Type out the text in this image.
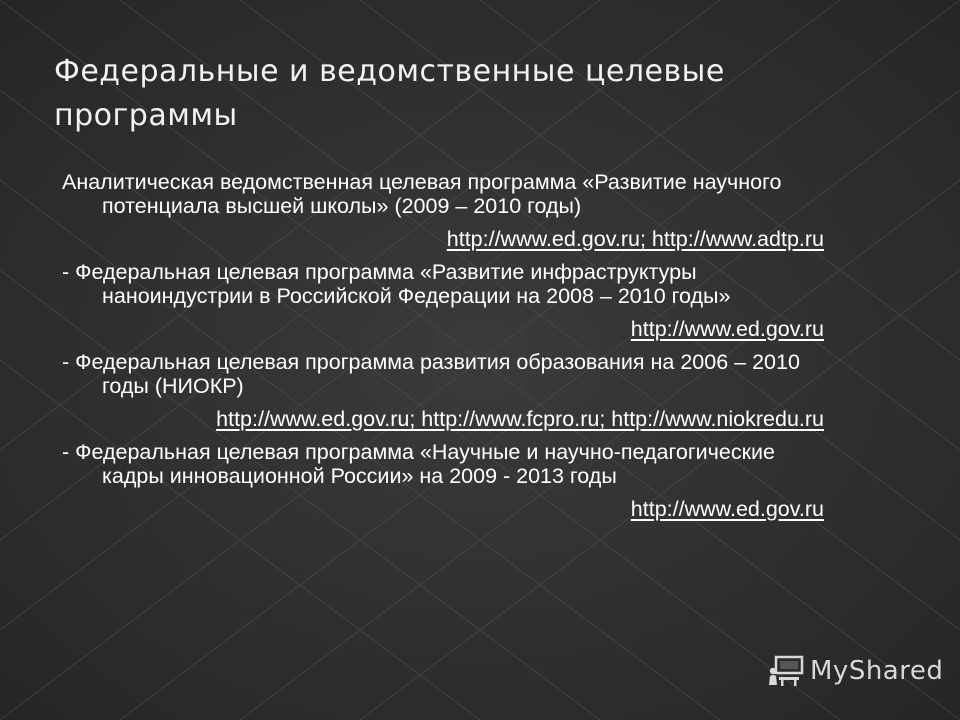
Федеральные и ведомственные целевые программы

Аналитическая ведомственная целевая программа «Развитие научного потенциала высшей школы» (2009 – 2010 годы)

http://www.ed.gov.ru; http://www.adtp.ru

- Федеральная целевая программа «Развитие инфраструктуры наноиндустрии в Российской Федерации на 2008 – 2010 годы»

http://www.ed.gov.ru

- Федеральная целевая программа развития образования на 2006 – 2010 годы (НИОКР)

http://www.ed.gov.ru; http://www.fcpro.ru; http://www.niokredu.ru

- Федеральная целевая программа «Научные и научно-педагогические кадры инновационной России» на 2009 - 2013 годы

http://www.ed.gov.ru

MyShared
